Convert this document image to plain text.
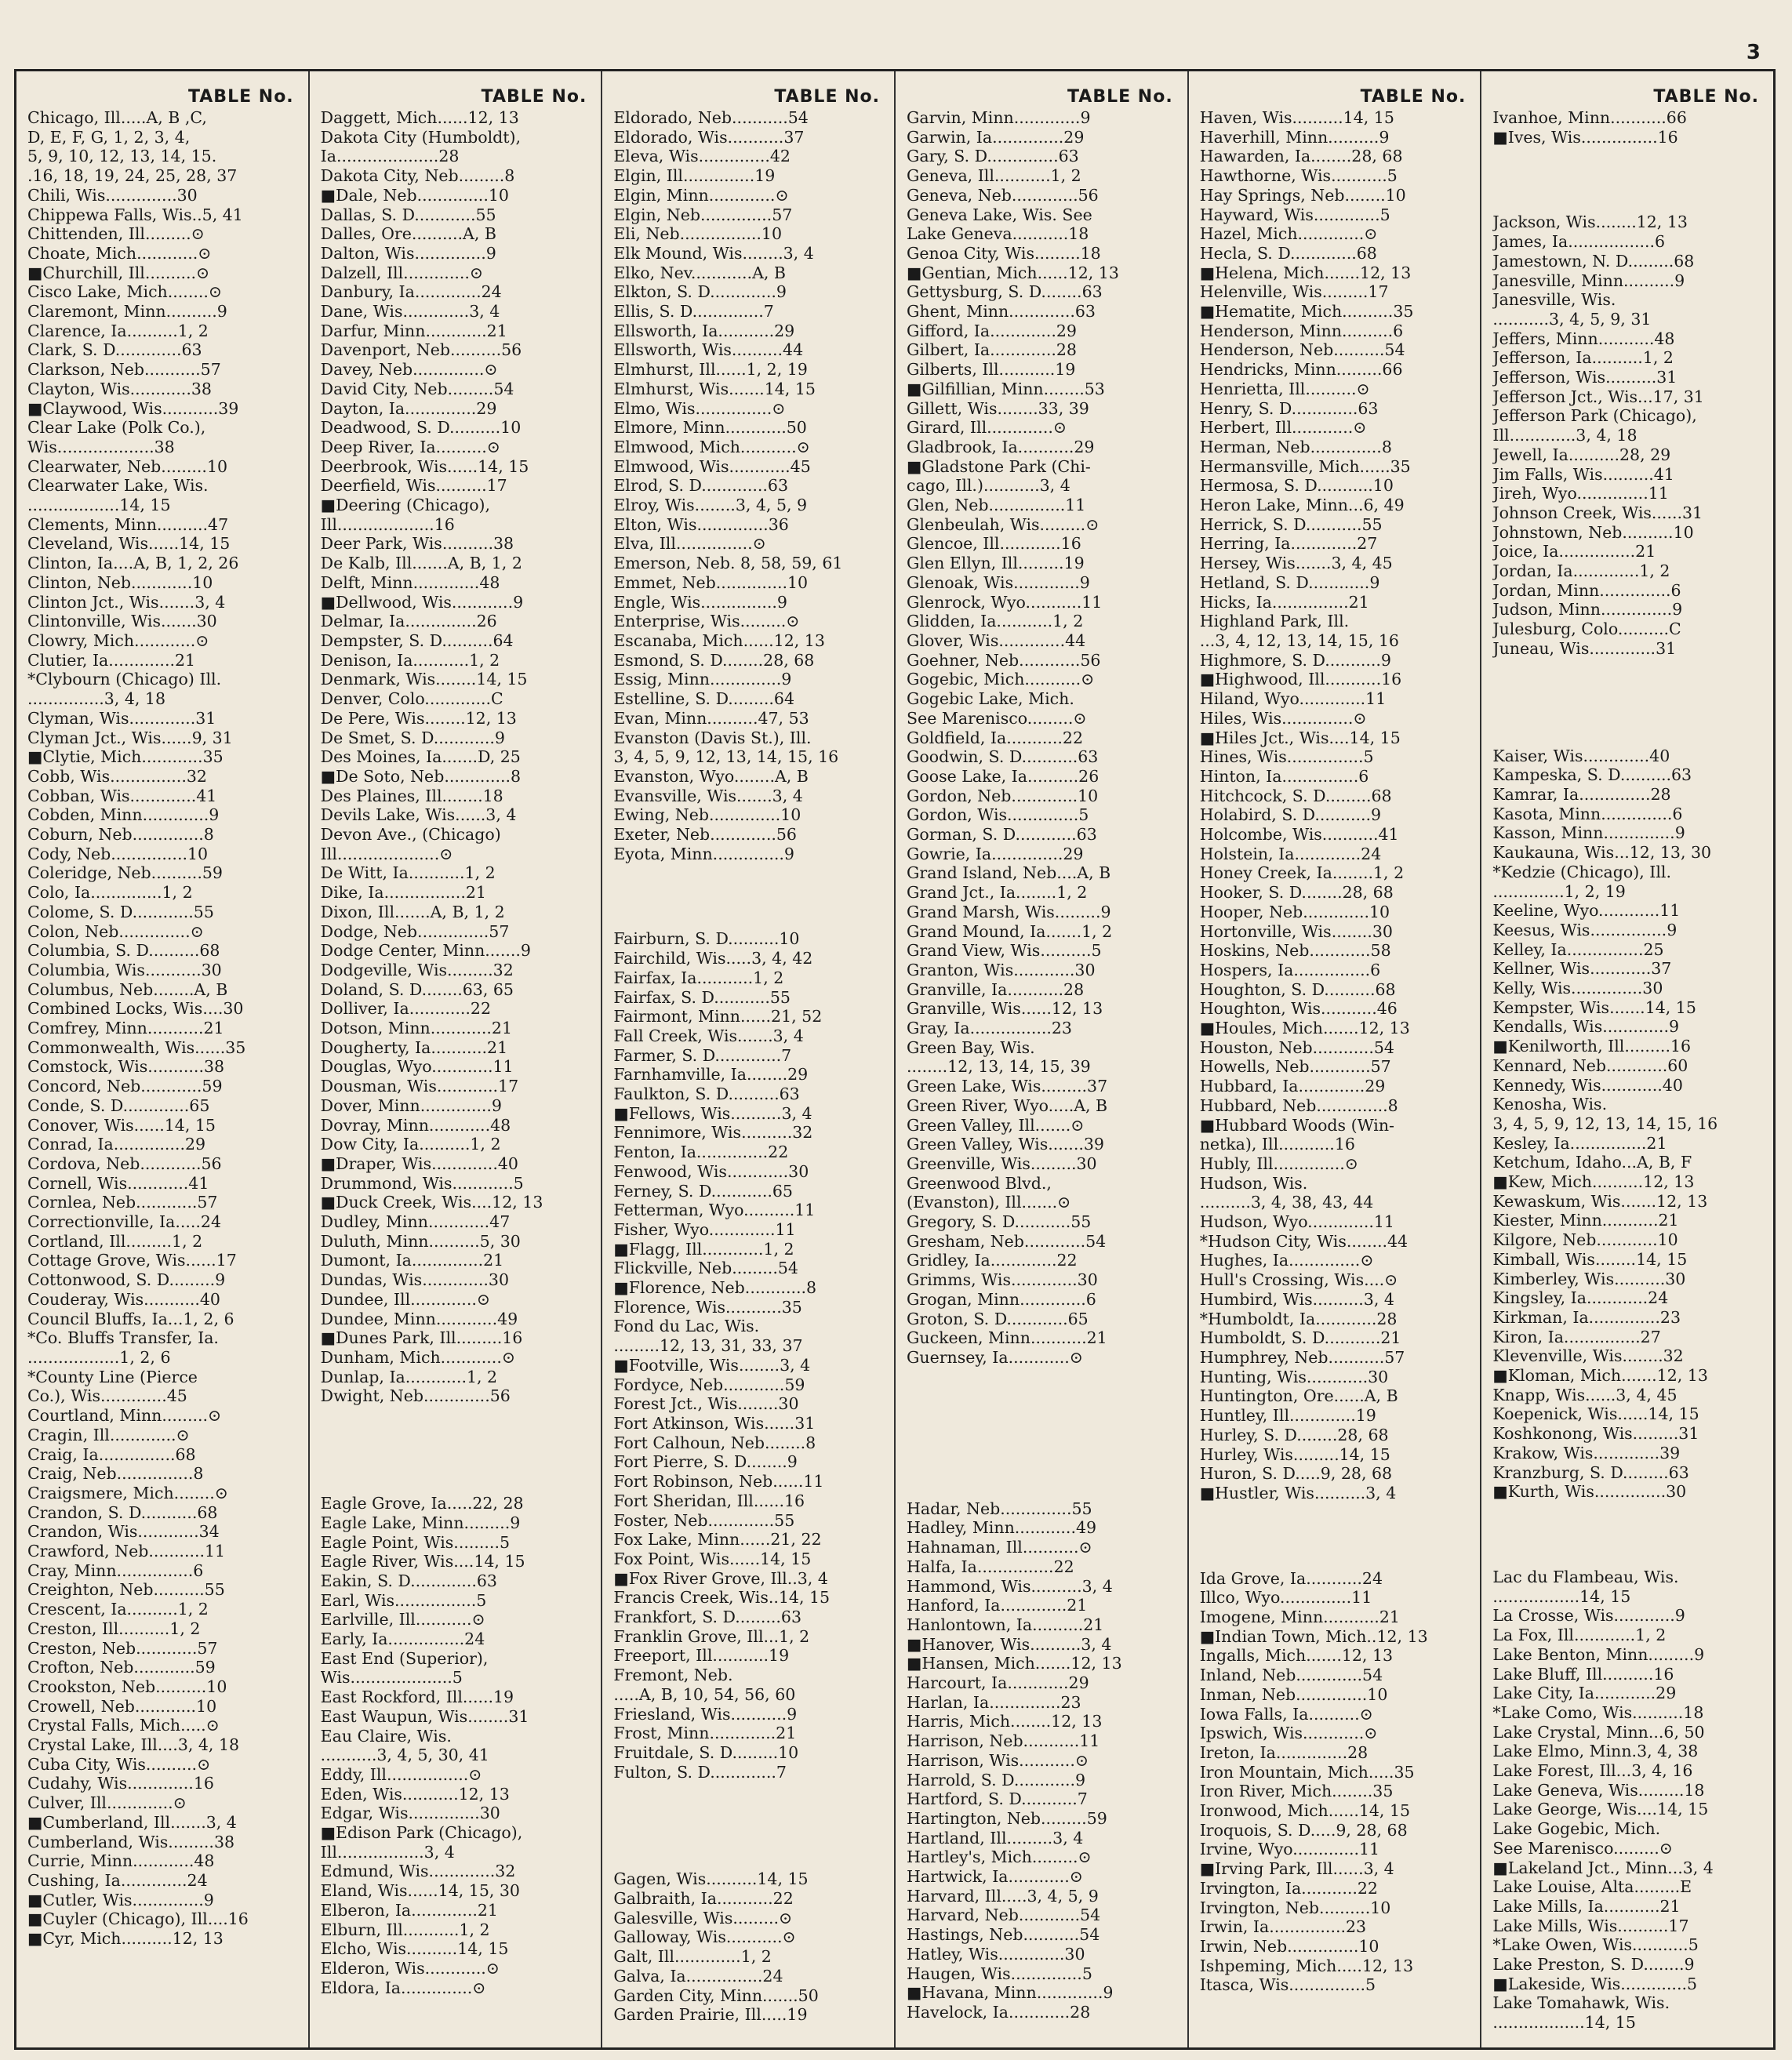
3
TABLE No.
Chicago, Ill.....A, B ,C,
D, E, F, G, 1, 2, 3, 4,
5, 9, 10, 12, 13, 14, 15.
.16, 18, 19, 24, 25, 28, 37
Chili, Wis..............30
Chippewa Falls, Wis..5, 41
Chittenden, Ill.........⊙
Choate, Mich............⊙
■Churchill, Ill..........⊙
Cisco Lake, Mich........⊙
Claremont, Minn..........9
Clarence, Ia..........1, 2
Clark, S. D.............63
Clarkson, Neb...........57
Clayton, Wis............38
■Claywood, Wis...........39
Clear Lake (Polk Co.),
Wis...................38
Clearwater, Neb.........10
Clearwater Lake, Wis.
..................14, 15
Clements, Minn..........47
Cleveland, Wis......14, 15
Clinton, Ia....A, B, 1, 2, 26
Clinton, Neb............10
Clinton Jct., Wis.......3, 4
Clintonville, Wis.......30
Clowry, Mich............⊙
Clutier, Ia.............21
*Clybourn (Chicago) Ill.
...............3, 4, 18
Clyman, Wis.............31
Clyman Jct., Wis......9, 31
■Clytie, Mich............35
Cobb, Wis...............32
Cobban, Wis.............41
Cobden, Minn.............9
Coburn, Neb..............8
Cody, Neb...............10
Coleridge, Neb..........59
Colo, Ia..............1, 2
Colome, S. D............55
Colon, Neb..............⊙
Columbia, S. D..........68
Columbia, Wis...........30
Columbus, Neb........A, B
Combined Locks, Wis....30
Comfrey, Minn...........21
Commonwealth, Wis......35
Comstock, Wis...........38
Concord, Neb............59
Conde, S. D.............65
Conover, Wis......14, 15
Conrad, Ia..............29
Cordova, Neb............56
Cornell, Wis............41
Cornlea, Neb............57
Correctionville, Ia.....24
Cortland, Ill.........1, 2
Cottage Grove, Wis......17
Cottonwood, S. D.........9
Couderay, Wis...........40
Council Bluffs, Ia...1, 2, 6
*Co. Bluffs Transfer, Ia.
..................1, 2, 6
*County Line (Pierce
Co.), Wis.............45
Courtland, Minn.........⊙
Cragin, Ill.............⊙
Craig, Ia...............68
Craig, Neb...............8
Craigsmere, Mich........⊙
Crandon, S. D...........68
Crandon, Wis............34
Crawford, Neb...........11
Cray, Minn...............6
Creighton, Neb..........55
Crescent, Ia..........1, 2
Creston, Ill..........1, 2
Creston, Neb............57
Crofton, Neb............59
Crookston, Neb..........10
Crowell, Neb............10
Crystal Falls, Mich.....⊙
Crystal Lake, Ill....3, 4, 18
Cuba City, Wis..........⊙
Cudahy, Wis.............16
Culver, Ill.............⊙
■Cumberland, Ill.......3, 4
Cumberland, Wis.........38
Currie, Minn............48
Cushing, Ia.............24
■Cutler, Wis..............9
■Cuyler (Chicago), Ill....16
■Cyr, Mich..........12, 13
TABLE No.
Daggett, Mich......12, 13
Dakota City (Humboldt),
Ia....................28
Dakota City, Neb.........8
■Dale, Neb..............10
Dallas, S. D............55
Dalles, Ore..........A, B
Dalton, Wis..............9
Dalzell, Ill.............⊙
Danbury, Ia.............24
Dane, Wis.............3, 4
Darfur, Minn............21
Davenport, Neb..........56
Davey, Neb..............⊙
David City, Neb.........54
Dayton, Ia..............29
Deadwood, S. D..........10
Deep River, Ia..........⊙
Deerbrook, Wis......14, 15
Deerfield, Wis..........17
■Deering (Chicago),
Ill...................16
Deer Park, Wis..........38
De Kalb, Ill.......A, B, 1, 2
Delft, Minn.............48
■Dellwood, Wis............9
Delmar, Ia..............26
Dempster, S. D..........64
Denison, Ia...........1, 2
Denmark, Wis........14, 15
Denver, Colo.............C
De Pere, Wis........12, 13
De Smet, S. D............9
Des Moines, Ia.......D, 25
■De Soto, Neb.............8
Des Plaines, Ill........18
Devils Lake, Wis......3, 4
Devon Ave., (Chicago)
Ill....................⊙
De Witt, Ia...........1, 2
Dike, Ia................21
Dixon, Ill.......A, B, 1, 2
Dodge, Neb..............57
Dodge Center, Minn.......9
Dodgeville, Wis.........32
Doland, S. D........63, 65
Dolliver, Ia............22
Dotson, Minn............21
Dougherty, Ia...........21
Douglas, Wyo............11
Dousman, Wis............17
Dover, Minn..............9
Dovray, Minn............48
Dow City, Ia..........1, 2
■Draper, Wis.............40
Drummond, Wis............5
■Duck Creek, Wis....12, 13
Dudley, Minn............47
Duluth, Minn..........5, 30
Dumont, Ia..............21
Dundas, Wis.............30
Dundee, Ill.............⊙
Dundee, Minn............49
■Dunes Park, Ill.........16
Dunham, Mich............⊙
Dunlap, Ia............1, 2
Dwight, Neb.............56
Eagle Grove, Ia.....22, 28
Eagle Lake, Minn.........9
Eagle Point, Wis.........5
Eagle River, Wis....14, 15
Eakin, S. D.............63
Earl, Wis................5
Earlville, Ill...........⊙
Early, Ia...............24
East End (Superior),
Wis....................5
East Rockford, Ill......19
East Waupun, Wis........31
Eau Claire, Wis.
...........3, 4, 5, 30, 41
Eddy, Ill................⊙
Eden, Wis...........12, 13
Edgar, Wis..............30
■Edison Park (Chicago),
Ill.................3, 4
Edmund, Wis.............32
Eland, Wis......14, 15, 30
Elberon, Ia.............21
Elburn, Ill...........1, 2
Elcho, Wis..........14, 15
Elderon, Wis............⊙
Eldora, Ia..............⊙
TABLE No.
Eldorado, Neb...........54
Eldorado, Wis...........37
Eleva, Wis..............42
Elgin, Ill..............19
Elgin, Minn.............⊙
Elgin, Neb..............57
Eli, Neb................10
Elk Mound, Wis........3, 4
Elko, Nev............A, B
Elkton, S. D.............9
Ellis, S. D..............7
Ellsworth, Ia...........29
Ellsworth, Wis..........44
Elmhurst, Ill......1, 2, 19
Elmhurst, Wis.......14, 15
Elmo, Wis...............⊙
Elmore, Minn............50
Elmwood, Mich...........⊙
Elmwood, Wis............45
Elrod, S. D.............63
Elroy, Wis........3, 4, 5, 9
Elton, Wis..............36
Elva, Ill...............⊙
Emerson, Neb. 8, 58, 59, 61
Emmet, Neb..............10
Engle, Wis...............9
Enterprise, Wis.........⊙
Escanaba, Mich......12, 13
Esmond, S. D........28, 68
Essig, Minn..............9
Estelline, S. D.........64
Evan, Minn..........47, 53
Evanston (Davis St.), Ill.
3, 4, 5, 9, 12, 13, 14, 15, 16
Evanston, Wyo........A, B
Evansville, Wis.......3, 4
Ewing, Neb..............10
Exeter, Neb.............56
Eyota, Minn..............9
Fairburn, S. D..........10
Fairchild, Wis.....3, 4, 42
Fairfax, Ia...........1, 2
Fairfax, S. D...........55
Fairmont, Minn......21, 52
Fall Creek, Wis.......3, 4
Farmer, S. D.............7
Farnhamville, Ia........29
Faulkton, S. D..........63
■Fellows, Wis..........3, 4
Fennimore, Wis..........32
Fenton, Ia..............22
Fenwood, Wis............30
Ferney, S. D............65
Fetterman, Wyo..........11
Fisher, Wyo.............11
■Flagg, Ill............1, 2
Flickville, Neb.........54
■Florence, Neb............8
Florence, Wis...........35
Fond du Lac, Wis.
.........12, 13, 31, 33, 37
■Footville, Wis........3, 4
Fordyce, Neb............59
Forest Jct., Wis........30
Fort Atkinson, Wis......31
Fort Calhoun, Neb........8
Fort Pierre, S. D........9
Fort Robinson, Neb......11
Fort Sheridan, Ill......16
Foster, Neb.............55
Fox Lake, Minn......21, 22
Fox Point, Wis......14, 15
■Fox River Grove, Ill..3, 4
Francis Creek, Wis..14, 15
Frankfort, S. D.........63
Franklin Grove, Ill...1, 2
Freeport, Ill...........19
Fremont, Neb.
.....A, B, 10, 54, 56, 60
Friesland, Wis...........9
Frost, Minn.............21
Fruitdale, S. D.........10
Fulton, S. D.............7
Gagen, Wis..........14, 15
Galbraith, Ia...........22
Galesville, Wis.........⊙
Galloway, Wis...........⊙
Galt, Ill.............1, 2
Galva, Ia...............24
Garden City, Minn.......50
Garden Prairie, Ill.....19
TABLE No.
Garvin, Minn.............9
Garwin, Ia..............29
Gary, S. D..............63
Geneva, Ill...........1, 2
Geneva, Neb.............56
Geneva Lake, Wis. See
Lake Geneva...........18
Genoa City, Wis.........18
■Gentian, Mich......12, 13
Gettysburg, S. D........63
Ghent, Minn.............63
Gifford, Ia.............29
Gilbert, Ia.............28
Gilberts, Ill...........19
■Gilfillian, Minn........53
Gillett, Wis........33, 39
Girard, Ill.............⊙
Gladbrook, Ia...........29
■Gladstone Park (Chi-
cago, Ill.)...........3, 4
Glen, Neb...............11
Glenbeulah, Wis.........⊙
Glencoe, Ill............16
Glen Ellyn, Ill.........19
Glenoak, Wis.............9
Glenrock, Wyo...........11
Glidden, Ia...........1, 2
Glover, Wis.............44
Goehner, Neb............56
Gogebic, Mich...........⊙
Gogebic Lake, Mich.
See Marenisco.........⊙
Goldfield, Ia...........22
Goodwin, S. D...........63
Goose Lake, Ia..........26
Gordon, Neb.............10
Gordon, Wis..............5
Gorman, S. D............63
Gowrie, Ia..............29
Grand Island, Neb....A, B
Grand Jct., Ia........1, 2
Grand Marsh, Wis.........9
Grand Mound, Ia.......1, 2
Grand View, Wis..........5
Granton, Wis............30
Granville, Ia...........28
Granville, Wis......12, 13
Gray, Ia................23
Green Bay, Wis.
........12, 13, 14, 15, 39
Green Lake, Wis.........37
Green River, Wyo.....A, B
Green Valley, Ill.......⊙
Green Valley, Wis.......39
Greenville, Wis.........30
Greenwood Blvd.,
(Evanston), Ill.......⊙
Gregory, S. D...........55
Gresham, Neb............54
Gridley, Ia.............22
Grimms, Wis.............30
Grogan, Minn.............6
Groton, S. D............65
Guckeen, Minn...........21
Guernsey, Ia............⊙
Hadar, Neb..............55
Hadley, Minn............49
Hahnaman, Ill...........⊙
Halfa, Ia...............22
Hammond, Wis..........3, 4
Hanford, Ia.............21
Hanlontown, Ia..........21
■Hanover, Wis..........3, 4
■Hansen, Mich.......12, 13
Harcourt, Ia............29
Harlan, Ia..............23
Harris, Mich........12, 13
Harrison, Neb...........11
Harrison, Wis...........⊙
Harrold, S. D............9
Hartford, S. D...........7
Hartington, Neb.........59
Hartland, Ill.........3, 4
Hartley's, Mich.........⊙
Hartwick, Ia............⊙
Harvard, Ill.....3, 4, 5, 9
Harvard, Neb............54
Hastings, Neb...........54
Hatley, Wis.............30
Haugen, Wis..............5
■Havana, Minn.............9
Havelock, Ia............28
TABLE No.
Haven, Wis..........14, 15
Haverhill, Minn..........9
Hawarden, Ia........28, 68
Hawthorne, Wis...........5
Hay Springs, Neb........10
Hayward, Wis.............5
Hazel, Mich.............⊙
Hecla, S. D.............68
■Helena, Mich.......12, 13
Helenville, Wis.........17
■Hematite, Mich..........35
Henderson, Minn..........6
Henderson, Neb..........54
Hendricks, Minn.........66
Henrietta, Ill..........⊙
Henry, S. D.............63
Herbert, Ill............⊙
Herman, Neb..............8
Hermansville, Mich......35
Hermosa, S. D...........10
Heron Lake, Minn...6, 49
Herrick, S. D...........55
Herring, Ia.............27
Hersey, Wis.......3, 4, 45
Hetland, S. D............9
Hicks, Ia...............21
Highland Park, Ill.
...3, 4, 12, 13, 14, 15, 16
Highmore, S. D...........9
■Highwood, Ill...........16
Hiland, Wyo.............11
Hiles, Wis..............⊙
■Hiles Jct., Wis....14, 15
Hines, Wis...............5
Hinton, Ia...............6
Hitchcock, S. D.........68
Holabird, S. D...........9
Holcombe, Wis...........41
Holstein, Ia.............24
Honey Creek, Ia........1, 2
Hooker, S. D........28, 68
Hooper, Neb.............10
Hortonville, Wis........30
Hoskins, Neb............58
Hospers, Ia...............6
Houghton, S. D..........68
Houghton, Wis...........46
■Houles, Mich.......12, 13
Houston, Neb............54
Howells, Neb............57
Hubbard, Ia.............29
Hubbard, Neb..............8
■Hubbard Woods (Win-
netka), Ill...........16
Hubly, Ill..............⊙
Hudson, Wis.
..........3, 4, 38, 43, 44
Hudson, Wyo.............11
*Hudson City, Wis........44
Hughes, Ia..............⊙
Hull's Crossing, Wis....⊙
Humbird, Wis..........3, 4
*Humboldt, Ia............28
Humboldt, S. D...........21
Humphrey, Neb...........57
Hunting, Wis............30
Huntington, Ore......A, B
Huntley, Ill.............19
Hurley, S. D........28, 68
Hurley, Wis.........14, 15
Huron, S. D.....9, 28, 68
■Hustler, Wis..........3, 4
Ida Grove, Ia...........24
Illco, Wyo..............11
Imogene, Minn...........21
■Indian Town, Mich..12, 13
Ingalls, Mich.......12, 13
Inland, Neb.............54
Inman, Neb..............10
Iowa Falls, Ia..........⊙
Ipswich, Wis............⊙
Ireton, Ia..............28
Iron Mountain, Mich.....35
Iron River, Mich........35
Ironwood, Mich......14, 15
Iroquois, S. D.....9, 28, 68
Irvine, Wyo.............11
■Irving Park, Ill......3, 4
Irvington, Ia...........22
Irvington, Neb..........10
Irwin, Ia...............23
Irwin, Neb..............10
Ishpeming, Mich.....12, 13
Itasca, Wis...............5
TABLE No.
Ivanhoe, Minn...........66
■Ives, Wis...............16
Jackson, Wis........12, 13
James, Ia.................6
Jamestown, N. D.........68
Janesville, Minn..........9
Janesville, Wis.
...........3, 4, 5, 9, 31
Jeffers, Minn...........48
Jefferson, Ia..........1, 2
Jefferson, Wis..........31
Jefferson Jct., Wis...17, 31
Jefferson Park (Chicago),
Ill.............3, 4, 18
Jewell, Ia..........28, 29
Jim Falls, Wis..........41
Jireh, Wyo..............11
Johnson Creek, Wis......31
Johnstown, Neb..........10
Joice, Ia...............21
Jordan, Ia.............1, 2
Jordan, Minn..............6
Judson, Minn..............9
Julesburg, Colo..........C
Juneau, Wis.............31
Kaiser, Wis.............40
Kampeska, S. D..........63
Kamrar, Ia..............28
Kasota, Minn..............6
Kasson, Minn..............9
Kaukauna, Wis...12, 13, 30
*Kedzie (Chicago), Ill.
..............1, 2, 19
Keeline, Wyo............11
Keesus, Wis...............9
Kelley, Ia...............25
Kellner, Wis............37
Kelly, Wis..............30
Kempster, Wis.......14, 15
Kendalls, Wis.............9
■Kenilworth, Ill.........16
Kennard, Neb............60
Kennedy, Wis............40
Kenosha, Wis.
3, 4, 5, 9, 12, 13, 14, 15, 16
Kesley, Ia...............21
Ketchum, Idaho...A, B, F
■Kew, Mich..........12, 13
Kewaskum, Wis.......12, 13
Kiester, Minn...........21
Kilgore, Neb............10
Kimball, Wis........14, 15
Kimberley, Wis..........30
Kingsley, Ia............24
Kirkman, Ia..............23
Kiron, Ia...............27
Klevenville, Wis........32
■Kloman, Mich.......12, 13
Knapp, Wis......3, 4, 45
Koepenick, Wis......14, 15
Koshkonong, Wis.........31
Krakow, Wis.............39
Kranzburg, S. D.........63
■Kurth, Wis..............30
Lac du Flambeau, Wis.
.................14, 15
La Crosse, Wis............9
La Fox, Ill............1, 2
Lake Benton, Minn.........9
Lake Bluff, Ill..........16
Lake City, Ia............29
*Lake Como, Wis..........18
Lake Crystal, Minn...6, 50
Lake Elmo, Minn.3, 4, 38
Lake Forest, Ill...3, 4, 16
Lake Geneva, Wis.........18
Lake George, Wis....14, 15
Lake Gogebic, Mich.
See Marenisco.........⊙
■Lakeland Jct., Minn...3, 4
Lake Louise, Alta.........E
Lake Mills, Ia...........21
Lake Mills, Wis..........17
*Lake Owen, Wis...........5
Lake Preston, S. D........9
■Lakeside, Wis.............5
Lake Tomahawk, Wis.
..................14, 15
